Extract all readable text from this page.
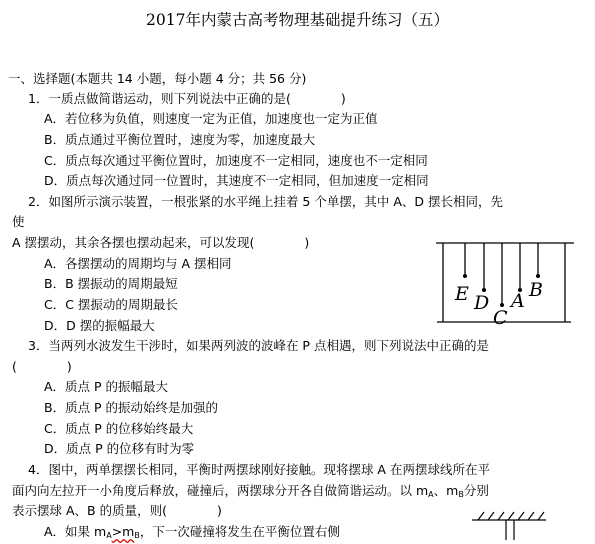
2017年内蒙古高考物理基础提升练习（五）
一、选择题(本题共 14 小题，每小题 4 分；共 56 分)
1．一质点做简谐运动，则下列说法中正确的是(　　　　)
A．若位移为负值，则速度一定为正值，加速度也一定为正值
B．质点通过平衡位置时，速度为零，加速度最大
C．质点每次通过平衡位置时，加速度不一定相同，速度也不一定相同
D．质点每次通过同一位置时，其速度不一定相同，但加速度一定相同
2．如图所示演示装置，一根张紧的水平绳上挂着 5 个单摆，其中 A、D 摆长相同，先
使
A 摆摆动，其余各摆也摆动起来，可以发现(　　　　)
A．各摆摆动的周期均与 A 摆相同
B．B 摆振动的周期最短
C．C 摆振动的周期最长
D．D 摆的振幅最大
E D
C
A B
3．当两列水波发生干涉时，如果两列波的波峰在 P 点相遇，则下列说法中正确的是
(　　　　)
A．质点 P 的振幅最大
B．质点 P 的振动始终是加强的
C．质点 P 的位移始终最大
D．质点 P 的位移有时为零
4．图中，两单摆摆长相同，平衡时两摆球刚好接触。现将摆球 A 在两摆球线所在平
面内向左拉开一小角度后释放，碰撞后，两摆球分开各自做简谐运动。以 $m_A$、$m_B$分别
表示摆球 A、B 的质量，则(　　　　)
A．如果 $m_A>m_B$，下一次碰撞将发生在平衡位置右侧
